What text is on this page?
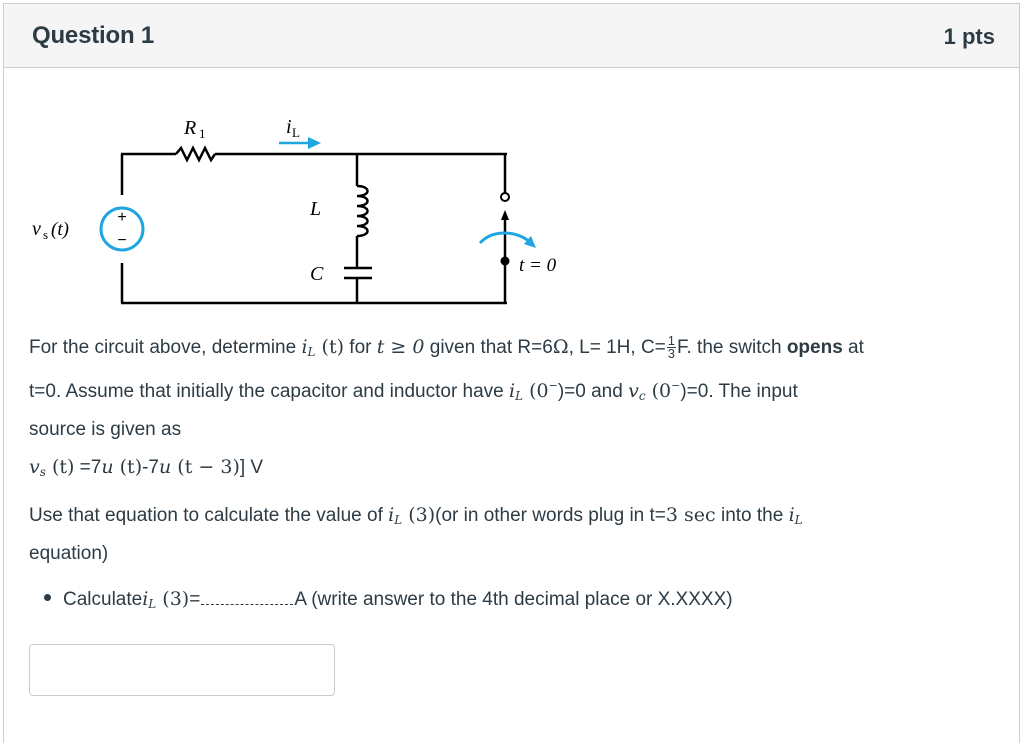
Question 1	1 pts
+
−
R 1	i L
L
C
v s (t)
t = 0
For the circuit above, determine $i_L$ (t) for t ≥ 0 given that R=6Ω, L= 1H, $C= \frac{1}{3} F$. the switch opens at
t=0. Assume that initially the capacitor and inductor have $i_L$ (0−)=0 and $v_c$ (0−)=0. The input
source is given as
$v_s$ (t) =7u (t)-7u (t − 3)] V
Use that equation to calculate the value of $i_L$ (3)(or in other words plug in t=3 sec into the $i_L$
equation)
Calculatei$_L$ (3)=	A (write answer to the 4th decimal place or X.XXXX)
